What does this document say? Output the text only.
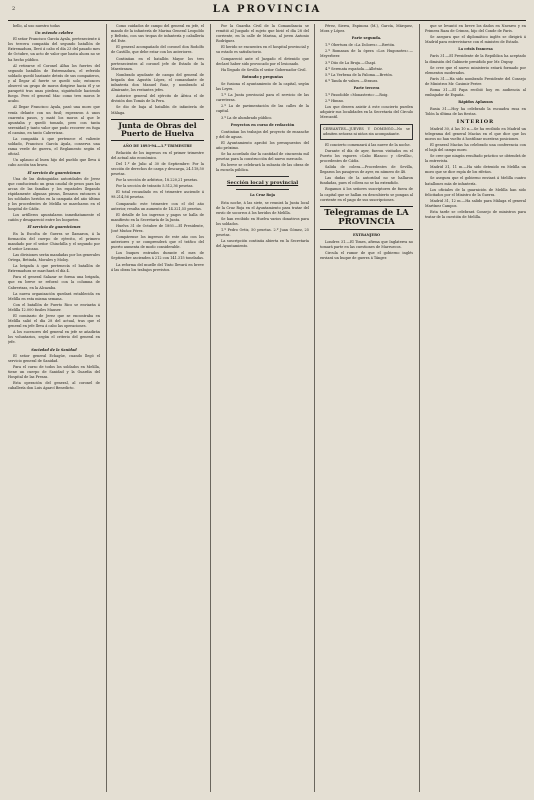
2	LA PROVINCIA

bello, al uso nuestro todas

Un ovtendo celebre

El señor Francisco García Ayala, perteneciente á los tercera compañía del segundo batallón de Extremadura, llevó á cabo el día 23 del pasado mes de Octubre, un acto de valor que basta ahora no se ha hecho público.

Al retirarse el Coronel Alfau los fuertes del segundo batallón de Extremadura, el referido soldado quedó bastante detrás de sus compañeros, y al llegar al fuerte se quedó solo; entonces observó un grupo de moros dirigirse hacia él y se parapetó tras unas piedras, siguiéndole haciendo fuego. Pero el general Mac como tres moros le acabo.

Al llegar Francisco Ayala, pasó una moro que venía delante con un fusil; esperaron á unos cuarenta pasos, y mató los moros al que le apuntaba y quedó tomado, pero con tanta serenidad y tanto valor que pudo recorrer en fuga el camino, en tanto Cabrerizas.

La compañía á que pertenece el valiente soldado, Francisco García Ayala, conserva una rama verde de guerra, el Reglamento según el oficial.

Un aplauso al buen hijo del pueblo que lleva á cabo acción tan brava.

El servicio de guarniciones

Una de las distinguidas autoridades de Jerez que conduciendo un gran caudal de pesos para las arcas de las familias y los españoles llegando rápidamente algunas piezas, llenaron entonces á los soldados heridos en la campaña del año último y los procedentes de Melilla se marcharon en el hospital de Cádiz.

Los artilleros apuntalaron inmediatamente el cañón y desapareció entre los boquetes.

El servicio de guarniciones

En la Escolta de Guerra se llamaron, á la formación del cuerpo de ejército, el primero mandado por el señor Chinchilla y el segundo por el señor Lezcano.

Las divisiones serán mandadas por los generales Ortega, Betinda, Morales y Moloy.

La brigada á que pertenecía el batallón de Extremadura se marchará el día 4.

Para el general Salazar se forma una brigada, que en breve se reforzó con la columna de Cabrerizas, en la Alcazaba.

La nueva organización quedará establecida en Melilla en esta misma semana.

Con el batallón de Puerto Rico se enviarán á Melilla 12.000 fusiles Mauser.

El comisario de Jerez que se encontraba en Melilla salió el día 28 del actual, tras que el general en jefe lleva á cabo las operaciones.

A los sucesores del general en jefe se añadirán los voluntarios, según el criterio del general en jefe.

Sociedad de la Sanidad

El señor general Echagüe, cuando llegó el servicio general de Sanidad.

Para el curso de todos los soldados en Melilla, tiene un cuerpo de Sanidad y la Guardia del Hospital de las Presas.

Esta operación del general, al coronel de caballería don Luis Aparcí Benedicto.

Como cuidados de campo del general en jefe, el mando de la infantería de Marina General Leopoldo y Beltrán, con sus tropas de infantería y caballería del Este.

El general acompañado del coronel don Rodolfo de Castillo, que debe estar con los anteriores.

Continúan en el batallón Mayor los tres pertenecientes al coronel jefe de Estado de la Maestranza.

Nombrado ayudante de campo del general de brigada don Agustín López, el comandante de infantería don Manuel Ruiz, y nombrado al Almirante, los restantes jefes.

Autorice general del ejército de África el de división don Tomás de la Pera.

Se dio de baja al batallón de infantería de Málaga.

Junta de Obras del Puerto de Huelva
AÑO DE 1893-94.—1.º TRIMESTRE

Relación de los ingresos en el primer trimestre del actual año económico.

Del 1.º de Julio al 30 de Septiembre: Por la sección de derechos de carga y descarga, 24.118,50 pesetas.

Por la sección de arbitrios, 18.220,21 pesetas.

Por la sección de tránsito 5.512,36 pesetas.

El total recaudado en el trimestre asciende á 98.214,56 pesetas.

Comparado este trimestre con el del año anterior, resulta un aumento de 14.321,55 pesetas.

El detalle de los ingresos y pagos se halla de manifiesto en la Secretaría de la Junta.

Huelva 31 de Octubre de 1893.—El Presidente, José Muñoz Pérez.

Compárense los ingresos de este año con los anteriores y se comprenderá que el tráfico del puerto aumenta de modo considerable.

Los buques entrados durante el mes de Septiembre ascienden á 212 con 141.315 toneladas.

La reforma del muelle del Tinto llevará en breve á las obras los trabajos previstos.

Por la Guardia Civil de la Comandancia se remitió al Juzgado el sujeto que hirió el día 28 del corriente, en la calle de Marina, al joven Antonio Rodríguez.

El herido se encuentra en el hospital provincial y su estado es satisfactorio.

Compareció ante el Juzgado el detenido que declaró haber sido provocado por el lesionado.

Ha llegado de Sevilla el señor Gobernador Civil.

Rotundo y preguntas

Se fusiona el ayuntamiento de la capital, según las Leyes.

1.º La Junta provincial para el servicio de las carreteras.

2.º La de pavimentación de las calles de la capital.

3.º La de alumbrado público.

Proyectos en curso de redacción

Continúan los trabajos del proyecto de ensanche y del de aguas.

El Ayuntamiento aprobó los presupuestos del año próximo.

Se ha acordado dar la cantidad de cincuenta mil pesetas para la construcción del nuevo mercado.

En breve se celebrará la subasta de las obras de la escuela pública.

Sección local y provincial
La Cruz Roja

Esta noche, á las siete, se reunirá la Junta local de la Cruz Roja en el Ayuntamiento para tratar del envío de socorros á los heridos de Melilla.

Se han recibido en Huelva varios donativos para los soldados.

1.º Pedro Ortiz, 50 pesetas. 2.º Juan Gómez, 25 pesetas.

La suscripción continúa abierta en la Secretaría del Ayuntamiento.

Pérez, Sierra, Espinosa (M.), García, Márquez, Mora y López.

Parte segunda.

1.º Obertura de «La Dolores».—Bretón.

2.º Romanza de la ópera «Los Hugonotes».—Meyerbeer.

3.º Dúo de La Bruja.—Chapí.

4.º Serenata española.—Albéniz.

5.º La Verbena de la Paloma.—Bretón.

6.º Tanda de valses.—Strauss.

Parte tercera

1.º Pasodoble «Monasterio».—Roig.

2.º Himno.

Los que deseen asistir á este concierto pueden adquirir sus localidades en la Secretaría del Círculo Mercantil.

CERVANTES—JUEVES Y DOMINGO—No se admiten señoras ni niños sin acompañante.

El concierto comenzará á las nueve de la noche.

Durante el día de ayer, fueron visitados en el Puerto los vapores «Cabo Blanco» y «Sevilla», procedentes de Cádiz.

Salida de colera.—Procedentes de Sevilla, llegaron los pasajeros de ayer, en número de 48.

Las dudas de la autoridad no se hallaron fundadas, pues el cólera no se ha extendido.

Rogamos á los señores suscriptores de fuera de la capital que se hallan en descubierto se pongan al corriente en el pago de sus suscripciones.

Telegramas de LA PROVINCIA
EXTRANJERO

Londres 31.—El Times, afirma que Inglaterra no tomará parte en las cuestiones de Marruecos.

Circula el rumor de que el gobierno inglés enviará un buque de guerra á Tánger.

que se levantó en breve los dados en Navarro y en Primera Raza de Crimea, hijo del Conde de Paris.

Se asegura que el diplomático inglés se dirigirá á Madrid para entrevistarse con el ministro de Estado.

La crisis francesa

París 31.—El Presidente de la República ha aceptado la dimisión del Gabinete presidido por Mr. Dupuy.

Se cree que el nuevo ministerio estará formado por elementos moderados.

París 31.—Ha sido nombrado Presidente del Consejo de Ministros Mr. Casimir Perier.

Roma 31.—El Papa recibió hoy en audiencia al embajador de España.

Rápidos Aplausos

Rusia 31.—Hoy ha celebrado la escuadra rusa en Tolón la última de las fiestas.

INTERIOR

Madrid 30, á las 10 n.—Se ha recibido en Madrid un telegrama del general Macías en el que dice que los moros no han vuelto á hostilizar nuestras posiciones.

El general Macías ha celebrado una conferencia con el bajá del campo moro.

Se cree que ningún resultado práctico se obtendrá de la entrevista.

Madrid 31, 11 m.—Ha sido detenido en Melilla un moro que se dice espía de los rifeños.

Se asegura que el gobierno enviará á Melilla cuatro batallones más de infantería.

Los oficiales de la guarnición de Melilla han sido felicitados por el Ministro de la Guerra.

Madrid 31, 12 m.—Ha salido para Málaga el general Martínez Campos.

Esta tarde se celebrará Consejo de ministros para tratar de la cuestión de Melilla.
